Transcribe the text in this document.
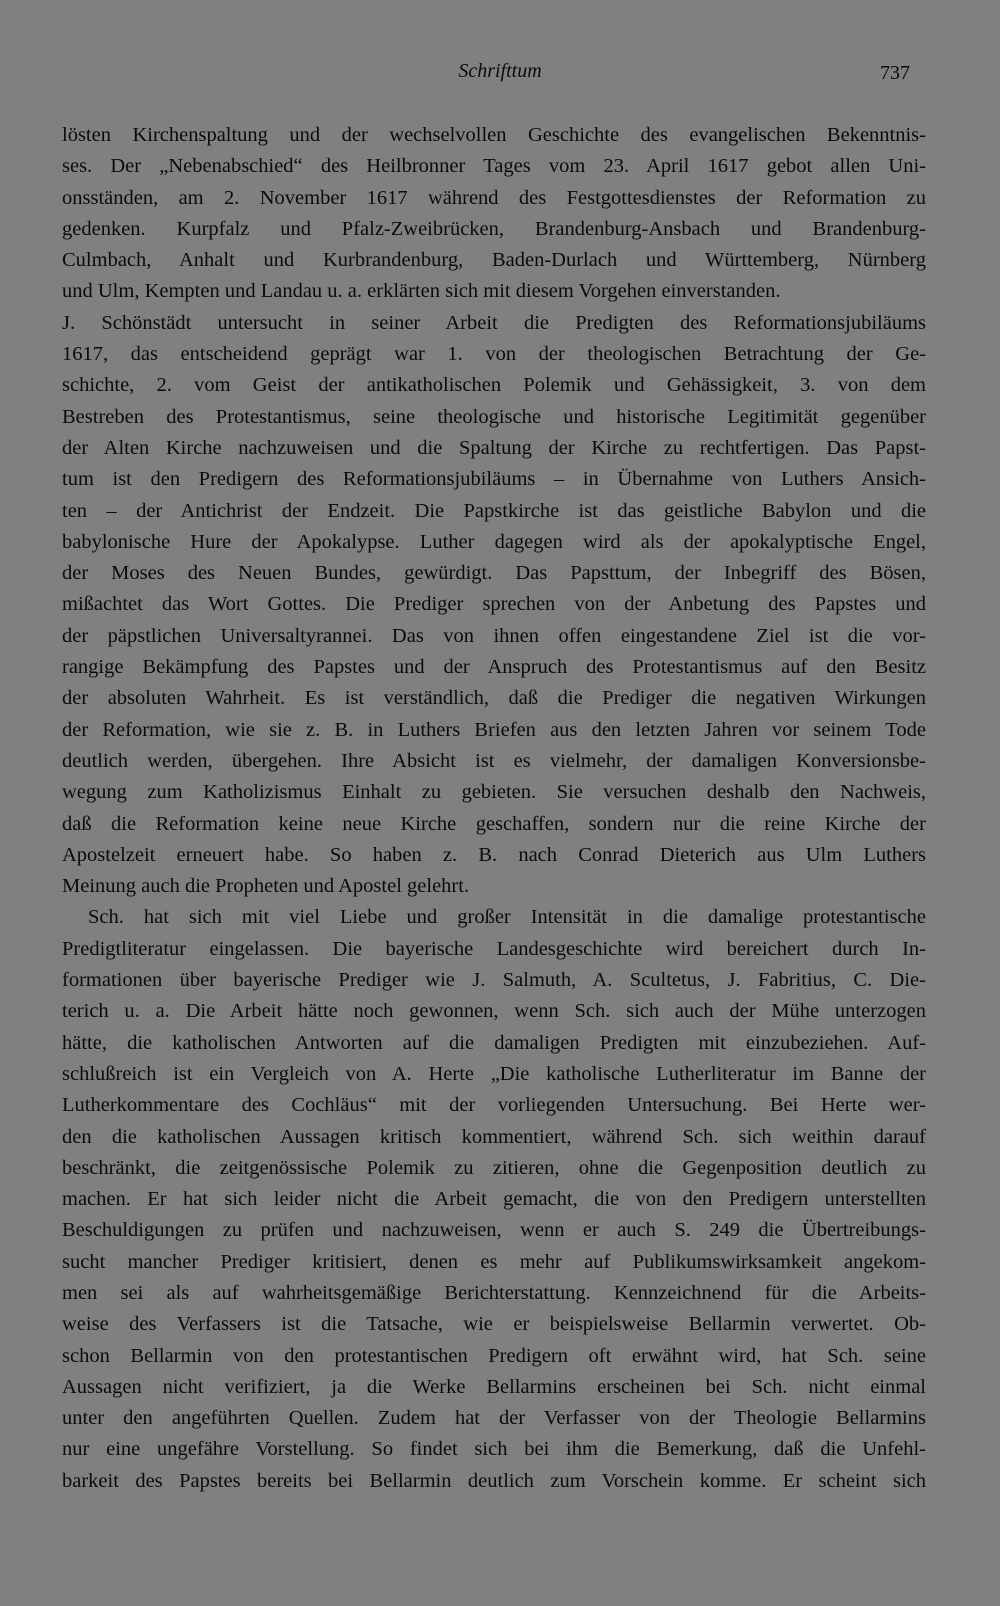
Schrifttum	737
lösten Kirchenspaltung und der wechselvollen Geschichte des evangelischen Bekenntnis-
ses. Der „Nebenabschied“ des Heilbronner Tages vom 23. April 1617 gebot allen Uni-
onsständen, am 2. November 1617 während des Festgottesdienstes der Reformation zu
gedenken. Kurpfalz und Pfalz-Zweibrücken, Brandenburg-Ansbach und Brandenburg-
Culmbach, Anhalt und Kurbrandenburg, Baden-Durlach und Württemberg, Nürnberg
und Ulm, Kempten und Landau u. a. erklärten sich mit diesem Vorgehen einverstanden.
J. Schönstädt untersucht in seiner Arbeit die Predigten des Reformationsjubiläums
1617, das entscheidend geprägt war 1. von der theologischen Betrachtung der Ge-
schichte, 2. vom Geist der antikatholischen Polemik und Gehässigkeit, 3. von dem
Bestreben des Protestantismus, seine theologische und historische Legitimität gegenüber
der Alten Kirche nachzuweisen und die Spaltung der Kirche zu rechtfertigen. Das Papst-
tum ist den Predigern des Reformationsjubiläums – in Übernahme von Luthers Ansich-
ten – der Antichrist der Endzeit. Die Papstkirche ist das geistliche Babylon und die
babylonische Hure der Apokalypse. Luther dagegen wird als der apokalyptische Engel,
der Moses des Neuen Bundes, gewürdigt. Das Papsttum, der Inbegriff des Bösen,
mißachtet das Wort Gottes. Die Prediger sprechen von der Anbetung des Papstes und
der päpstlichen Universaltyrannei. Das von ihnen offen eingestandene Ziel ist die vor-
rangige Bekämpfung des Papstes und der Anspruch des Protestantismus auf den Besitz
der absoluten Wahrheit. Es ist verständlich, daß die Prediger die negativen Wirkungen
der Reformation, wie sie z. B. in Luthers Briefen aus den letzten Jahren vor seinem Tode
deutlich werden, übergehen. Ihre Absicht ist es vielmehr, der damaligen Konversionsbe-
wegung zum Katholizismus Einhalt zu gebieten. Sie versuchen deshalb den Nachweis,
daß die Reformation keine neue Kirche geschaffen, sondern nur die reine Kirche der
Apostelzeit erneuert habe. So haben z. B. nach Conrad Dieterich aus Ulm Luthers
Meinung auch die Propheten und Apostel gelehrt.
Sch. hat sich mit viel Liebe und großer Intensität in die damalige protestantische
Predigtliteratur eingelassen. Die bayerische Landesgeschichte wird bereichert durch In-
formationen über bayerische Prediger wie J. Salmuth, A. Scultetus, J. Fabritius, C. Die-
terich u. a. Die Arbeit hätte noch gewonnen, wenn Sch. sich auch der Mühe unterzogen
hätte, die katholischen Antworten auf die damaligen Predigten mit einzubeziehen. Auf-
schlußreich ist ein Vergleich von A. Herte „Die katholische Lutherliteratur im Banne der
Lutherkommentare des Cochläus“ mit der vorliegenden Untersuchung. Bei Herte wer-
den die katholischen Aussagen kritisch kommentiert, während Sch. sich weithin darauf
beschränkt, die zeitgenössische Polemik zu zitieren, ohne die Gegenposition deutlich zu
machen. Er hat sich leider nicht die Arbeit gemacht, die von den Predigern unterstellten
Beschuldigungen zu prüfen und nachzuweisen, wenn er auch S. 249 die Übertreibungs-
sucht mancher Prediger kritisiert, denen es mehr auf Publikumswirksamkeit angekom-
men sei als auf wahrheitsgemäßige Berichterstattung. Kennzeichnend für die Arbeits-
weise des Verfassers ist die Tatsache, wie er beispielsweise Bellarmin verwertet. Ob-
schon Bellarmin von den protestantischen Predigern oft erwähnt wird, hat Sch. seine
Aussagen nicht verifiziert, ja die Werke Bellarmins erscheinen bei Sch. nicht einmal
unter den angeführten Quellen. Zudem hat der Verfasser von der Theologie Bellarmins
nur eine ungefähre Vorstellung. So findet sich bei ihm die Bemerkung, daß die Unfehl-
barkeit des Papstes bereits bei Bellarmin deutlich zum Vorschein komme. Er scheint sich
